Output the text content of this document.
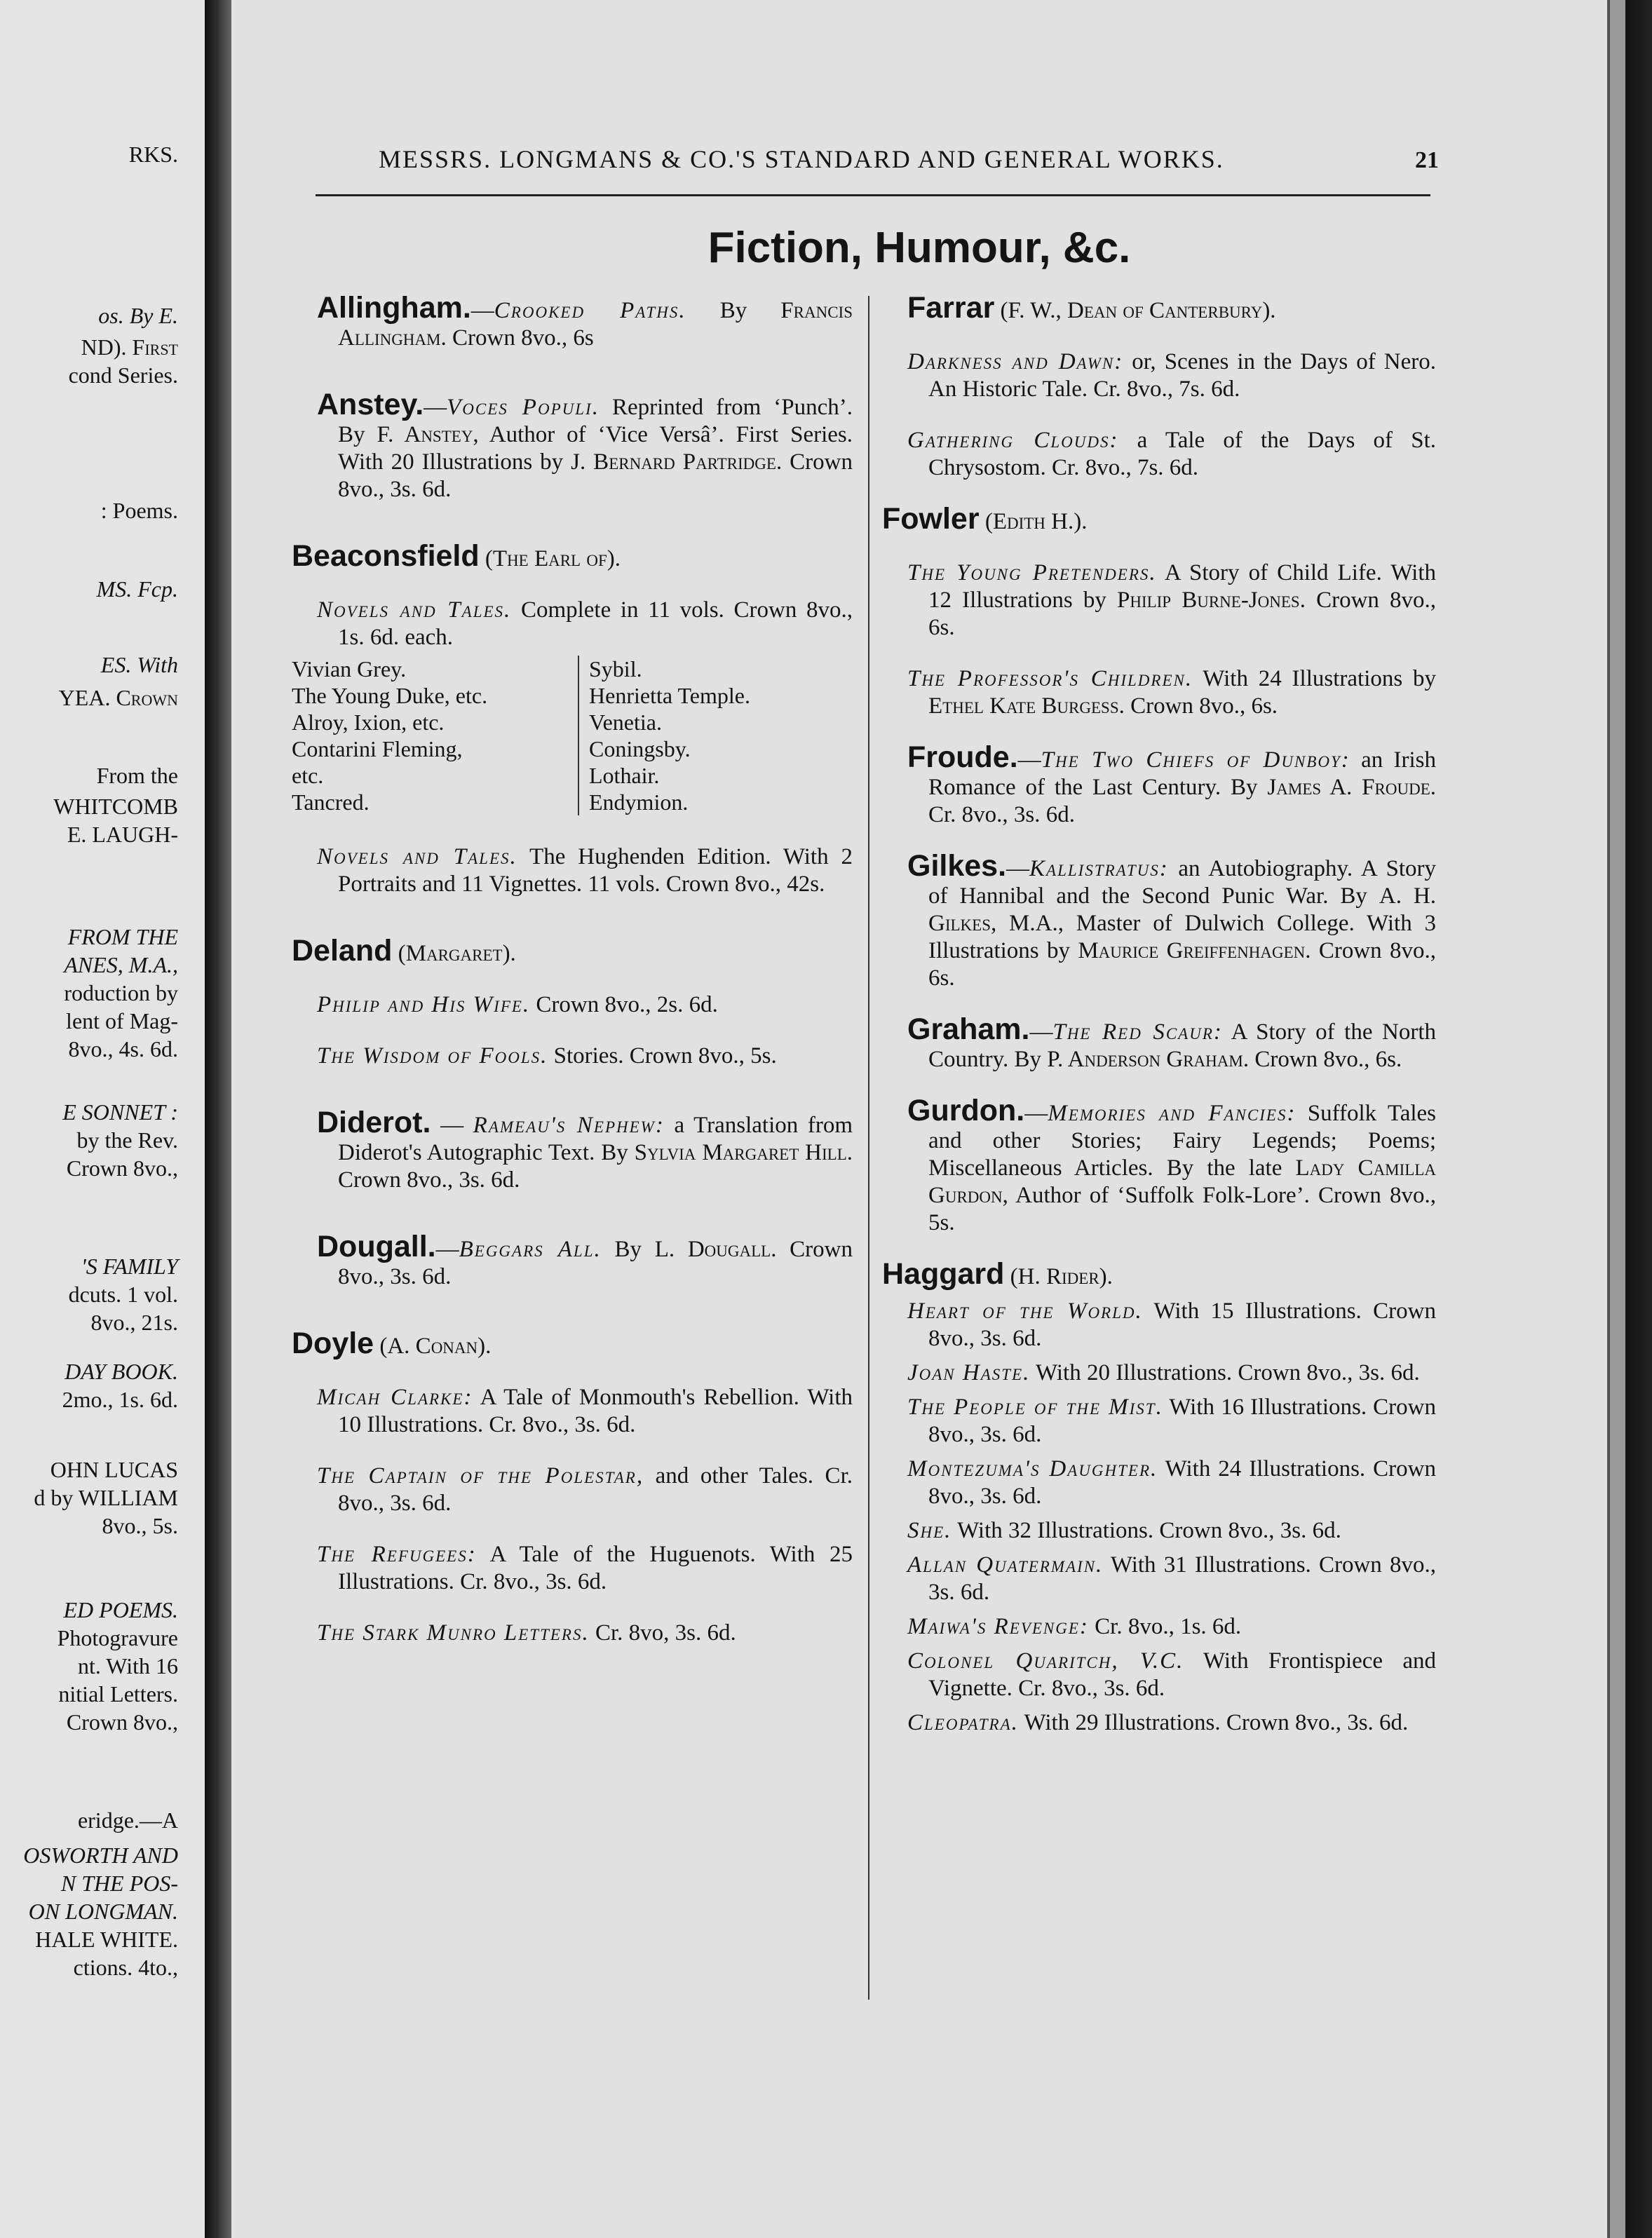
RKS.
os. By E.
ND). First
cond Series.
: Poems.
MS. Fcp.
ES. With
YEA. Crown
From the
WHITCOMB
E. LAUGH-
FROM THE
ANES, M.A.,
roduction by
lent of Mag-
8vo., 4s. 6d.
E SONNET :
by the Rev.
Crown 8vo.,
'S FAMILY
dcuts. 1 vol.
8vo., 21s.
DAY BOOK.
2mo., 1s. 6d.
OHN LUCAS
d by WILLIAM
8vo., 5s.
ED POEMS.
Photogravure
nt. With 16
nitial Letters.
Crown 8vo.,
eridge.—A
OSWORTH AND
N THE POS-
ON LONGMAN.
HALE WHITE.
ctions. 4to.,
MESSRS. LONGMANS & CO.'S STANDARD AND GENERAL WORKS.	21
Fiction, Humour, &c.
Allingham.—Crooked Paths. By Francis Allingham. Crown 8vo., 6s
Anstey.—Voces Populi. Reprinted from ‘Punch’. By F. Anstey, Author of ‘Vice Versâ’. First Series. With 20 Illustrations by J. Bernard Partridge. Crown 8vo., 3s. 6d.
Beaconsfield (The Earl of).
Novels and Tales. Complete in 11 vols. Crown 8vo., 1s. 6d. each.
Vivian Grey.
The Young Duke, etc.
Alroy, Ixion, etc.
Contarini Fleming,
etc.
Tancred.
Sybil.
Henrietta Temple.
Venetia.
Coningsby.
Lothair.
Endymion.
Novels and Tales. The Hughenden Edition. With 2 Portraits and 11 Vignettes. 11 vols. Crown 8vo., 42s.
Deland (Margaret).
Philip and His Wife. Crown 8vo., 2s. 6d.
The Wisdom of Fools. Stories. Crown 8vo., 5s.
Diderot. — Rameau's Nephew: a Translation from Diderot's Autographic Text. By Sylvia Margaret Hill. Crown 8vo., 3s. 6d.
Dougall.—Beggars All. By L. Dougall. Crown 8vo., 3s. 6d.
Doyle (A. Conan).
Micah Clarke: A Tale of Monmouth's Rebellion. With 10 Illustrations. Cr. 8vo., 3s. 6d.
The Captain of the Polestar, and other Tales. Cr. 8vo., 3s. 6d.
The Refugees: A Tale of the Huguenots. With 25 Illustrations. Cr. 8vo., 3s. 6d.
The Stark Munro Letters. Cr. 8vo, 3s. 6d.
Farrar (F. W., Dean of Canterbury).
Darkness and Dawn: or, Scenes in the Days of Nero. An Historic Tale. Cr. 8vo., 7s. 6d.
Gathering Clouds: a Tale of the Days of St. Chrysostom. Cr. 8vo., 7s. 6d.
Fowler (Edith H.).
The Young Pretenders. A Story of Child Life. With 12 Illustrations by Philip Burne-Jones. Crown 8vo., 6s.
The Professor's Children. With 24 Illustrations by Ethel Kate Burgess. Crown 8vo., 6s.
Froude.—The Two Chiefs of Dunboy: an Irish Romance of the Last Century. By James A. Froude. Cr. 8vo., 3s. 6d.
Gilkes.—Kallistratus: an Autobiography. A Story of Hannibal and the Second Punic War. By A. H. Gilkes, M.A., Master of Dulwich College. With 3 Illustrations by Maurice Greiffenhagen. Crown 8vo., 6s.
Graham.—The Red Scaur: A Story of the North Country. By P. Anderson Graham. Crown 8vo., 6s.
Gurdon.—Memories and Fancies: Suffolk Tales and other Stories; Fairy Legends; Poems; Miscellaneous Articles. By the late Lady Camilla Gurdon, Author of ‘Suffolk Folk-Lore’. Crown 8vo., 5s.
Haggard (H. Rider).
Heart of the World. With 15 Illustrations. Crown 8vo., 3s. 6d.
Joan Haste. With 20 Illustrations. Crown 8vo., 3s. 6d.
The People of the Mist. With 16 Illustrations. Crown 8vo., 3s. 6d.
Montezuma's Daughter. With 24 Illustrations. Crown 8vo., 3s. 6d.
She. With 32 Illustrations. Crown 8vo., 3s. 6d.
Allan Quatermain. With 31 Illustrations. Crown 8vo., 3s. 6d.
Maiwa's Revenge: Cr. 8vo., 1s. 6d.
Colonel Quaritch, V.C. With Frontispiece and Vignette. Cr. 8vo., 3s. 6d.
Cleopatra. With 29 Illustrations. Crown 8vo., 3s. 6d.
